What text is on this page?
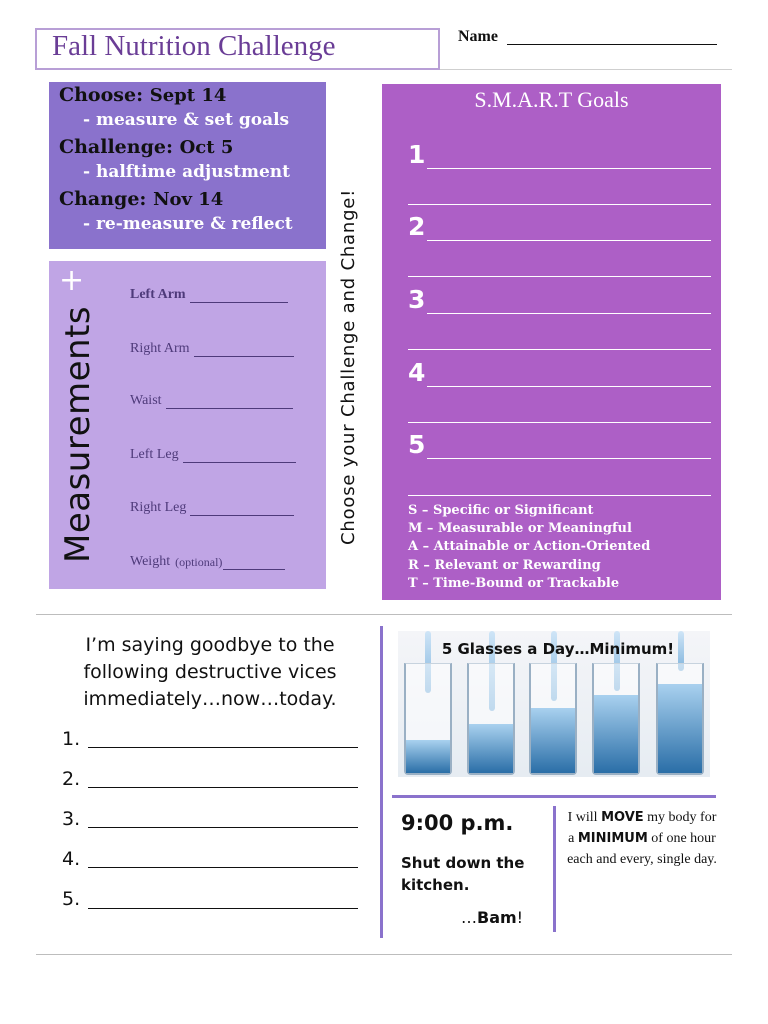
Fall Nutrition Challenge	Name
Choose: Sept 14
- measure & set goals
Challenge: Oct 5
- halftime adjustment
Change: Nov 14
- re-measure & reflect
+
Measurements
Left Arm
Right Arm
Waist
Left Leg
Right Leg
Weight (optional)
Choose your Challenge and Change!
S.M.A.R.T Goals
1
2
3
4
5
S – Specific or Significant
M – Measurable or Meaningful
A – Attainable or Action-Oriented
R – Relevant or Rewarding
T – Time-Bound or Trackable
I’m saying goodbye to the following destructive vices immediately…now…today.
1.
2.
3.
4.
5.
5 Glasses a Day…Minimum!
9:00 p.m.
Shut down the kitchen.
…Bam!
I will MOVE my body for a MINIMUM of one hour each and every, single day.
